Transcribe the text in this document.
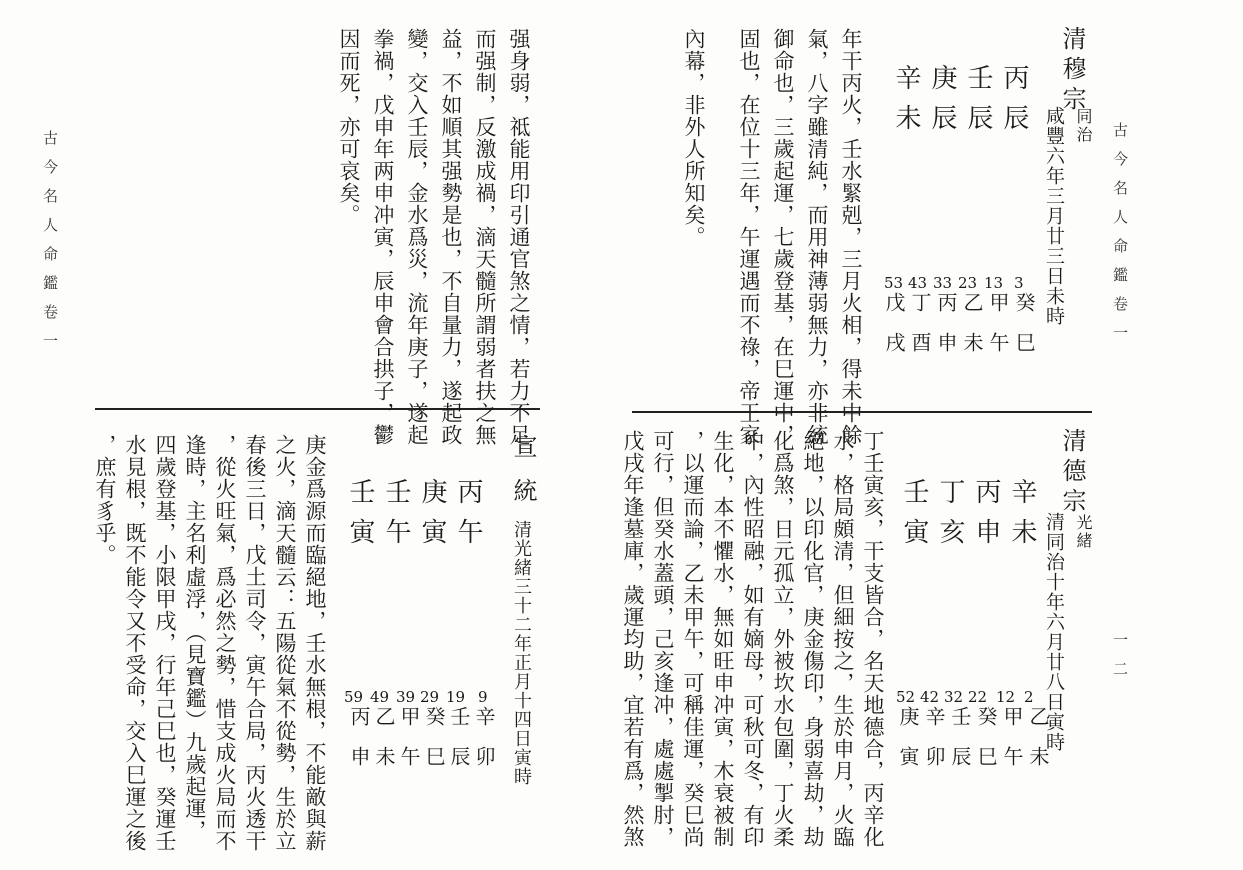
古今名人命鑑卷一	古今名人命鑑卷一
一二
强身弱，祗能用印引通官煞之情，若力不足
而强制，反激成禍，滴天髓所謂弱者扶之無
益，不如順其强勢是也，不自量力，遂起政
變，交入壬辰，金水爲災，流年庚子，遂起
拳禍，戊申年两申冲寅，辰申會合拱子，鬱
因而死，亦可哀矣。	清穆宗
同治
咸豐六年三月廿三日未時
丙辰
壬辰
庚辰
辛未
3
13
23
33
43
53
癸
甲
乙
丙
丁
戊
巳
午
未
申
酉
戌
年干丙火，壬水緊剋，三月火相，得未中餘
氣，八字雖清純，而用神薄弱無力，亦非統
御命也，三歲起運，七歲登基，在巳運中，
固也，在位十三年，午運遇而不祿，帝王家
內幕，非外人所知矣。
清德宗
光緒
清同治十年六月廿八日寅時
辛未
丙申
丁亥
壬寅
2
12
22
32
42
52
乙
甲
癸
壬
辛
庚
未
午
巳
辰
卯
寅
丁壬寅亥，干支皆合，名天地德合，丙辛化
水，格局頗清，但細按之，生於申月，火臨
絕地，以印化官，庚金傷印，身弱喜劫，劫
化爲煞，日元孤立，外被坎水包圍，丁火柔
中，內性昭融，如有嫡母，可秋可冬，有印
生化，本不懼水，無如旺申冲寅，木衰被制
，以運而論，乙未甲午，可稱佳運，癸巳尚
可行，但癸水蓋頭，己亥逢冲，處處掣肘，
戊戌年逢墓庫，歲運均助，宜若有爲，然煞
宣統
清光緒三十二年正月十四日寅時
丙午
庚寅
壬午
壬寅
9
19
29
39
49
59
辛
壬
癸
甲
乙
丙
卯
辰
巳
午
未
申
庚金爲源而臨絕地，壬水無根，不能敵與薪
之火，滴天髓云：五陽從氣不從勢，生於立
春後三日，戊土司令，寅午合局，丙火透干
，從火旺氣，爲必然之勢，惜支成火局而不
逢時，主名利虛浮，（見寶鑑）九歲起運，
四歲登基，小限甲戌，行年己巳也，癸運壬
水見根，既不能令又不受命，交入巳運之後
，庶有豸乎。
